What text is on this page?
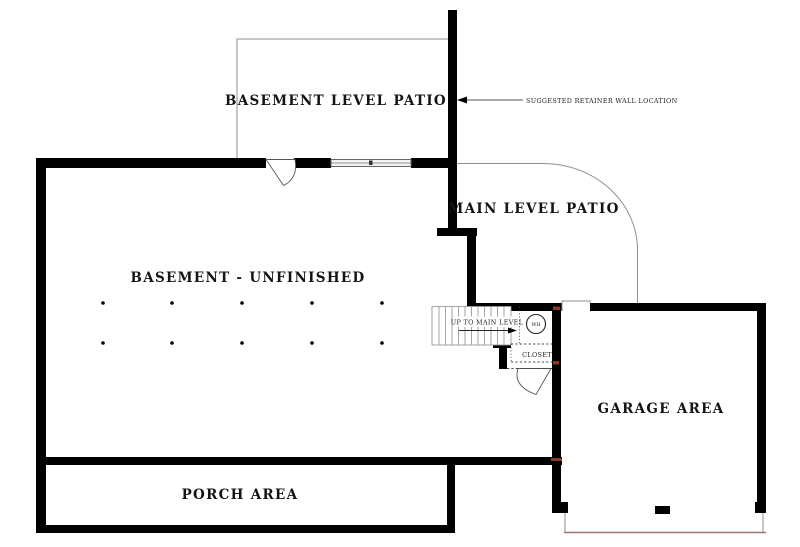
SUGGESTED RETAINER WALL LOCATION
UP TO MAIN LEVEL WH
CLOSET
BASEMENT LEVEL PATIO
MAIN LEVEL PATIO
BASEMENT - UNFINISHED
GARAGE AREA
PORCH AREA
